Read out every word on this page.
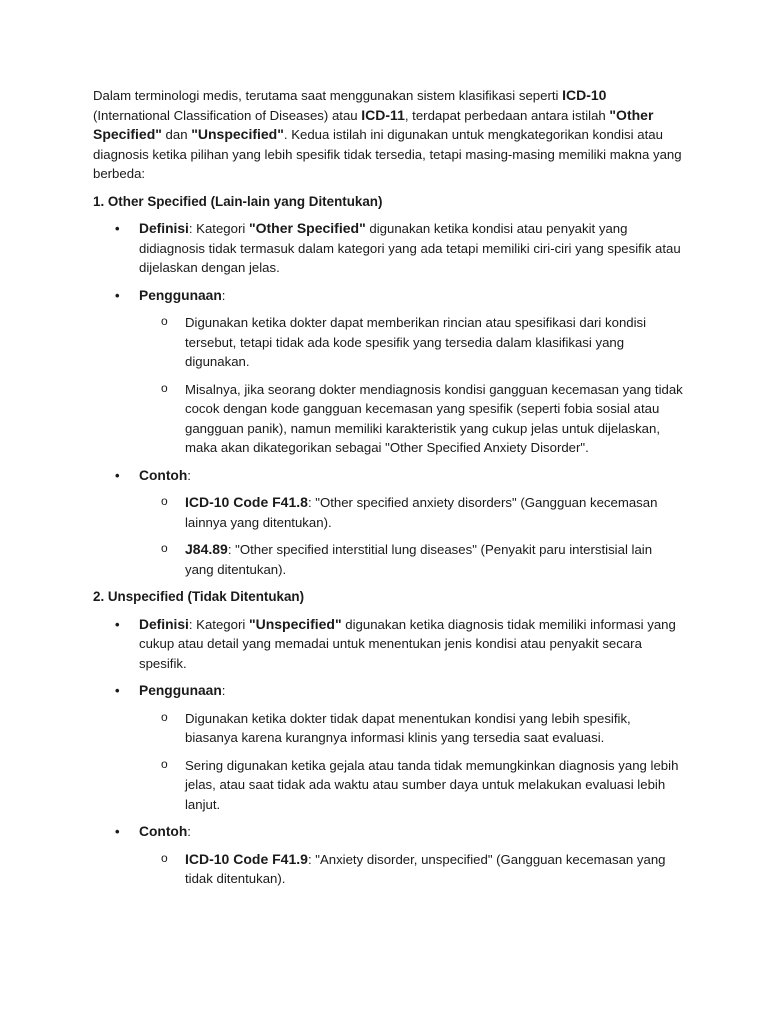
Dalam terminologi medis, terutama saat menggunakan sistem klasifikasi seperti ICD-10 (International Classification of Diseases) atau ICD-11, terdapat perbedaan antara istilah "Other Specified" dan "Unspecified". Kedua istilah ini digunakan untuk mengkategorikan kondisi atau diagnosis ketika pilihan yang lebih spesifik tidak tersedia, tetapi masing-masing memiliki makna yang berbeda:

1. Other Specified (Lain-lain yang Ditentukan)

• Definisi: Kategori "Other Specified" digunakan ketika kondisi atau penyakit yang didiagnosis tidak termasuk dalam kategori yang ada tetapi memiliki ciri-ciri yang spesifik atau dijelaskan dengan jelas.
• Penggunaan:
o Digunakan ketika dokter dapat memberikan rincian atau spesifikasi dari kondisi tersebut, tetapi tidak ada kode spesifik yang tersedia dalam klasifikasi yang digunakan.
o Misalnya, jika seorang dokter mendiagnosis kondisi gangguan kecemasan yang tidak cocok dengan kode gangguan kecemasan yang spesifik (seperti fobia sosial atau gangguan panik), namun memiliki karakteristik yang cukup jelas untuk dijelaskan, maka akan dikategorikan sebagai "Other Specified Anxiety Disorder".
• Contoh:
o ICD-10 Code F41.8: "Other specified anxiety disorders" (Gangguan kecemasan lainnya yang ditentukan).
o J84.89: "Other specified interstitial lung diseases" (Penyakit paru interstisial lain yang ditentukan).

2. Unspecified (Tidak Ditentukan)

• Definisi: Kategori "Unspecified" digunakan ketika diagnosis tidak memiliki informasi yang cukup atau detail yang memadai untuk menentukan jenis kondisi atau penyakit secara spesifik.
• Penggunaan:
o Digunakan ketika dokter tidak dapat menentukan kondisi yang lebih spesifik, biasanya karena kurangnya informasi klinis yang tersedia saat evaluasi.
o Sering digunakan ketika gejala atau tanda tidak memungkinkan diagnosis yang lebih jelas, atau saat tidak ada waktu atau sumber daya untuk melakukan evaluasi lebih lanjut.
• Contoh:
o ICD-10 Code F41.9: "Anxiety disorder, unspecified" (Gangguan kecemasan yang tidak ditentukan).
